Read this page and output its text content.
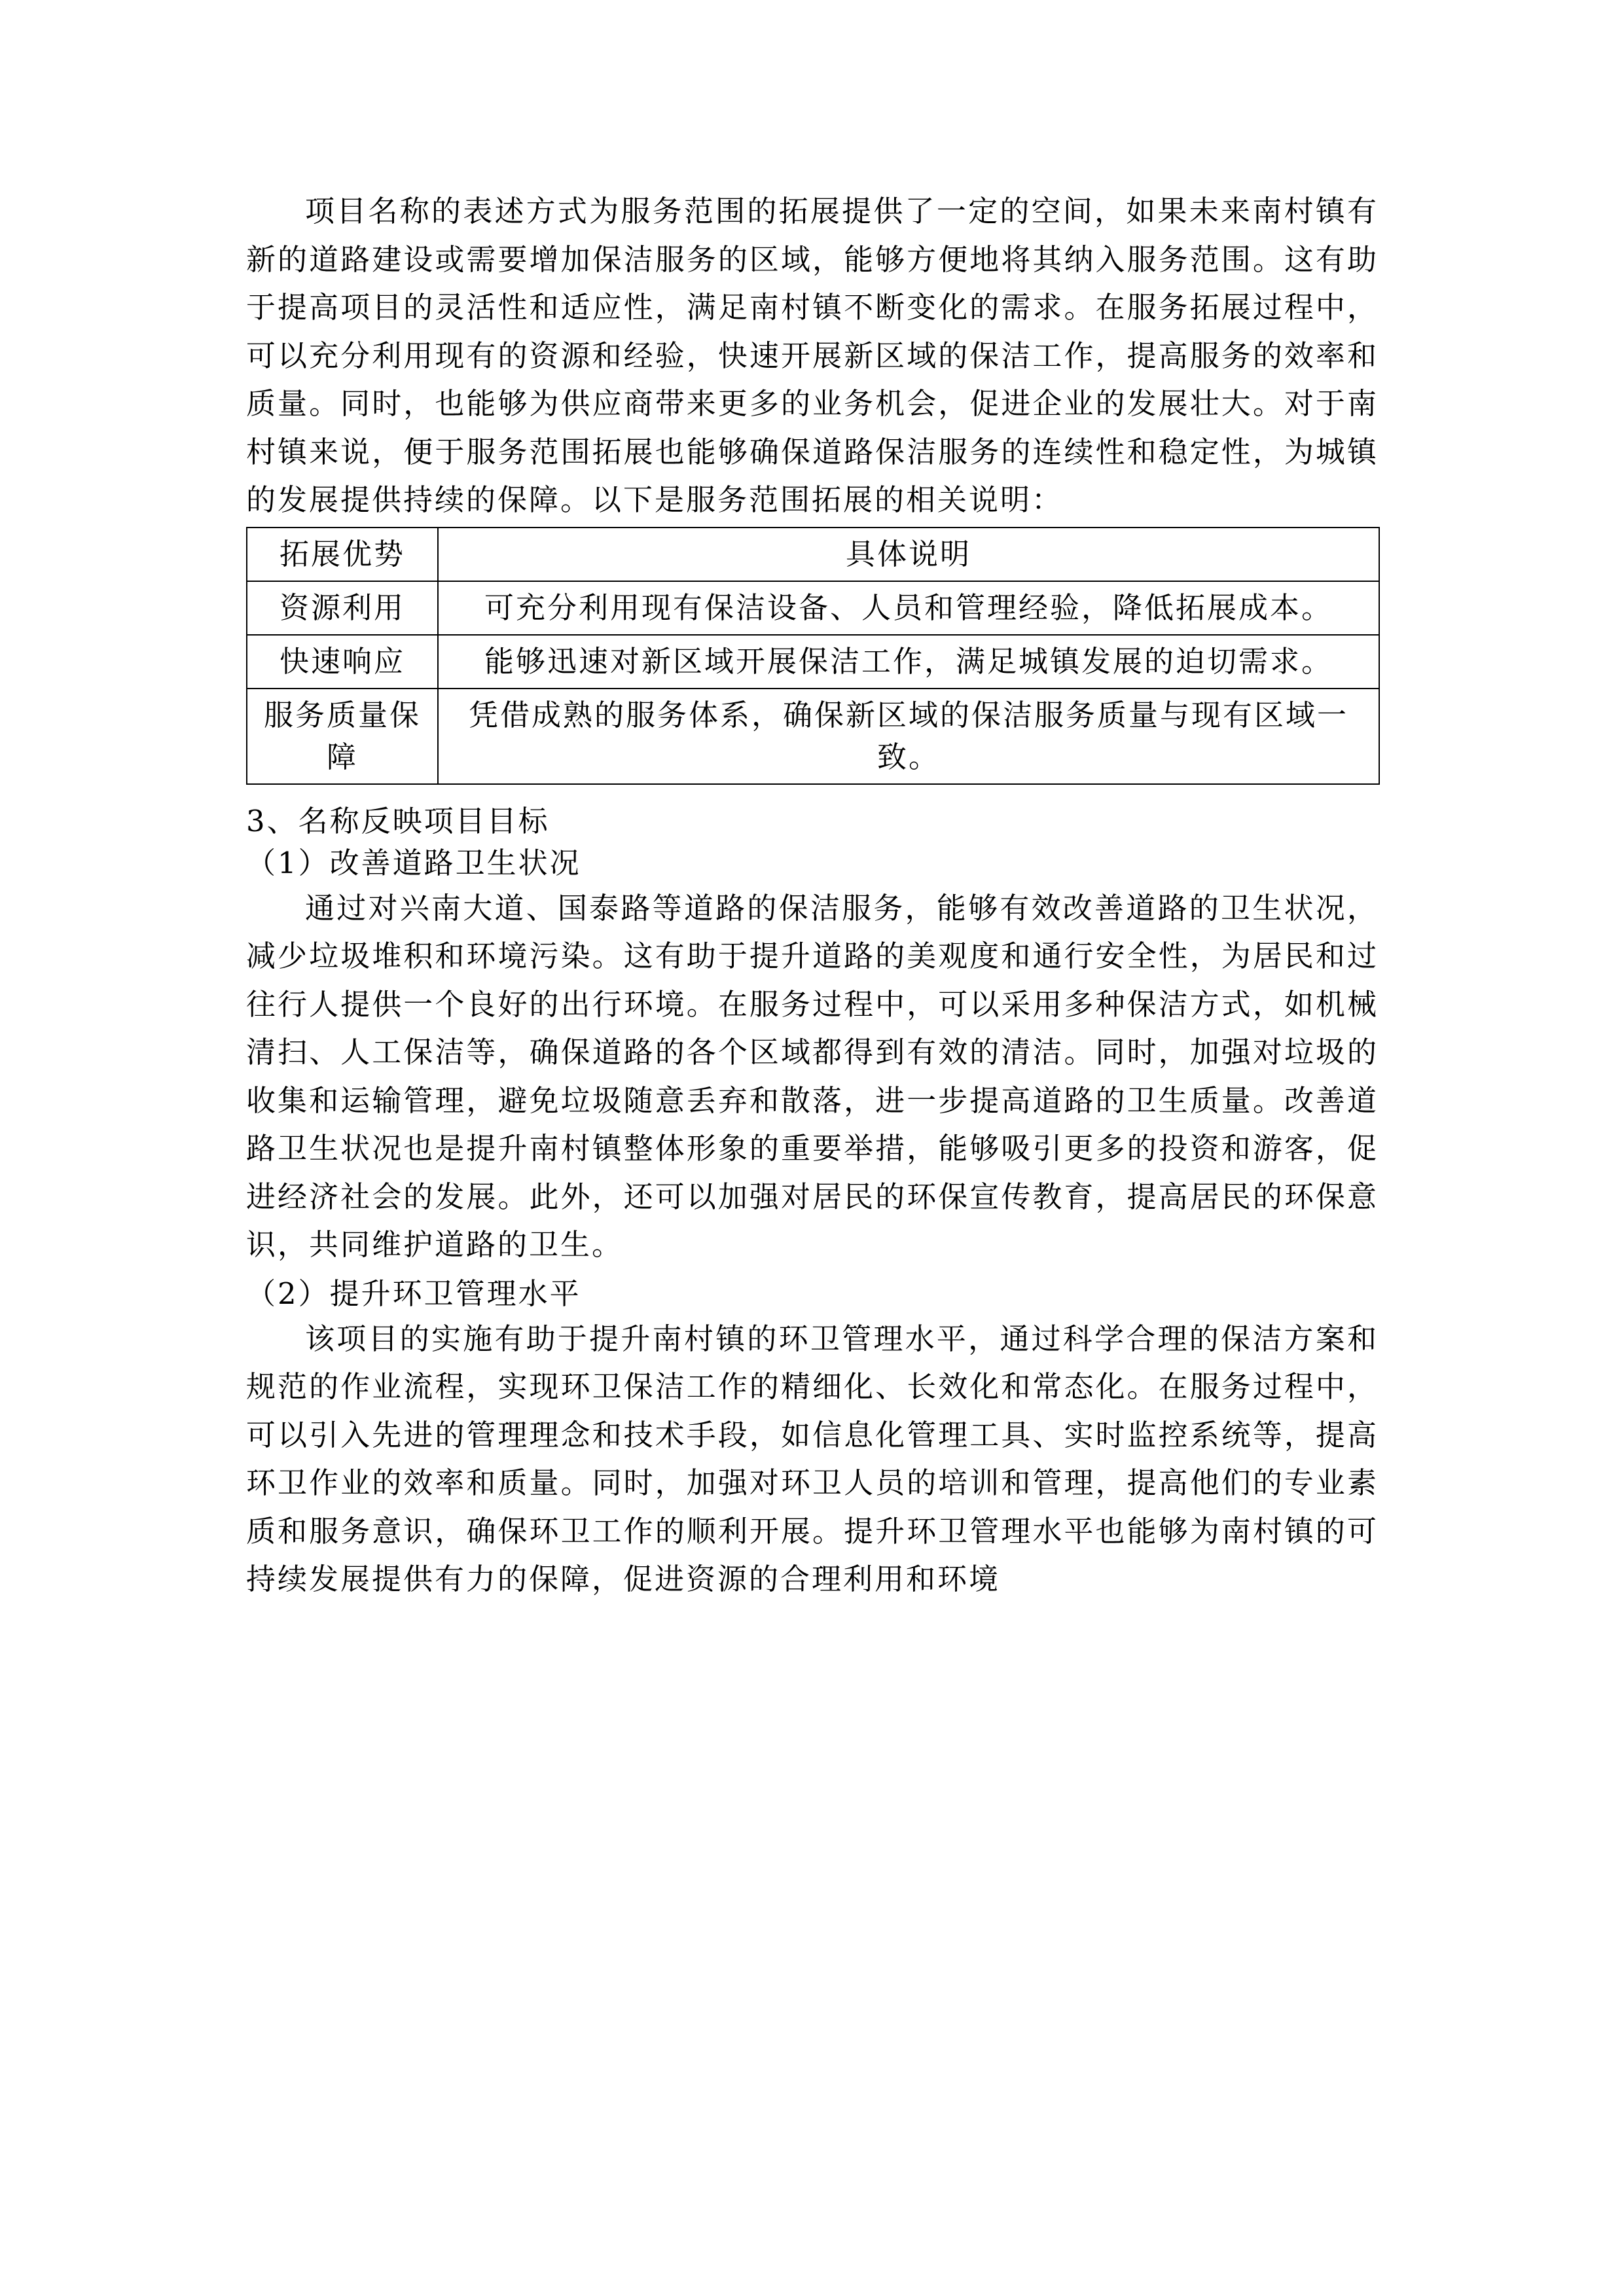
项目名称的表述方式为服务范围的拓展提供了一定的空间，如果未来南村镇有新的道路建设或需要增加保洁服务的区域，能够方便地将其纳入服务范围。这有助于提高项目的灵活性和适应性，满足南村镇不断变化的需求。在服务拓展过程中，可以充分利用现有的资源和经验，快速开展新区域的保洁工作，提高服务的效率和质量。同时，也能够为供应商带来更多的业务机会，促进企业的发展壮大。对于南村镇来说，便于服务范围拓展也能够确保道路保洁服务的连续性和稳定性，为城镇的发展提供持续的保障。以下是服务范围拓展的相关说明：

拓展优势	具体说明
资源利用	可充分利用现有保洁设备、人员和管理经验，降低拓展成本。
快速响应	能够迅速对新区域开展保洁工作，满足城镇发展的迫切需求。
服务质量保障	凭借成熟的服务体系，确保新区域的保洁服务质量与现有区域一致。

3、名称反映项目目标

（1）改善道路卫生状况

通过对兴南大道、国泰路等道路的保洁服务，能够有效改善道路的卫生状况，减少垃圾堆积和环境污染。这有助于提升道路的美观度和通行安全性，为居民和过往行人提供一个良好的出行环境。在服务过程中，可以采用多种保洁方式，如机械清扫、人工保洁等，确保道路的各个区域都得到有效的清洁。同时，加强对垃圾的收集和运输管理，避免垃圾随意丢弃和散落，进一步提高道路的卫生质量。改善道路卫生状况也是提升南村镇整体形象的重要举措，能够吸引更多的投资和游客，促进经济社会的发展。此外，还可以加强对居民的环保宣传教育，提高居民的环保意识，共同维护道路的卫生。

（2）提升环卫管理水平

该项目的实施有助于提升南村镇的环卫管理水平，通过科学合理的保洁方案和规范的作业流程，实现环卫保洁工作的精细化、长效化和常态化。在服务过程中，可以引入先进的管理理念和技术手段，如信息化管理工具、实时监控系统等，提高环卫作业的效率和质量。同时，加强对环卫人员的培训和管理，提高他们的专业素质和服务意识，确保环卫工作的顺利开展。提升环卫管理水平也能够为南村镇的可持续发展提供有力的保障，促进资源的合理利用和环境
